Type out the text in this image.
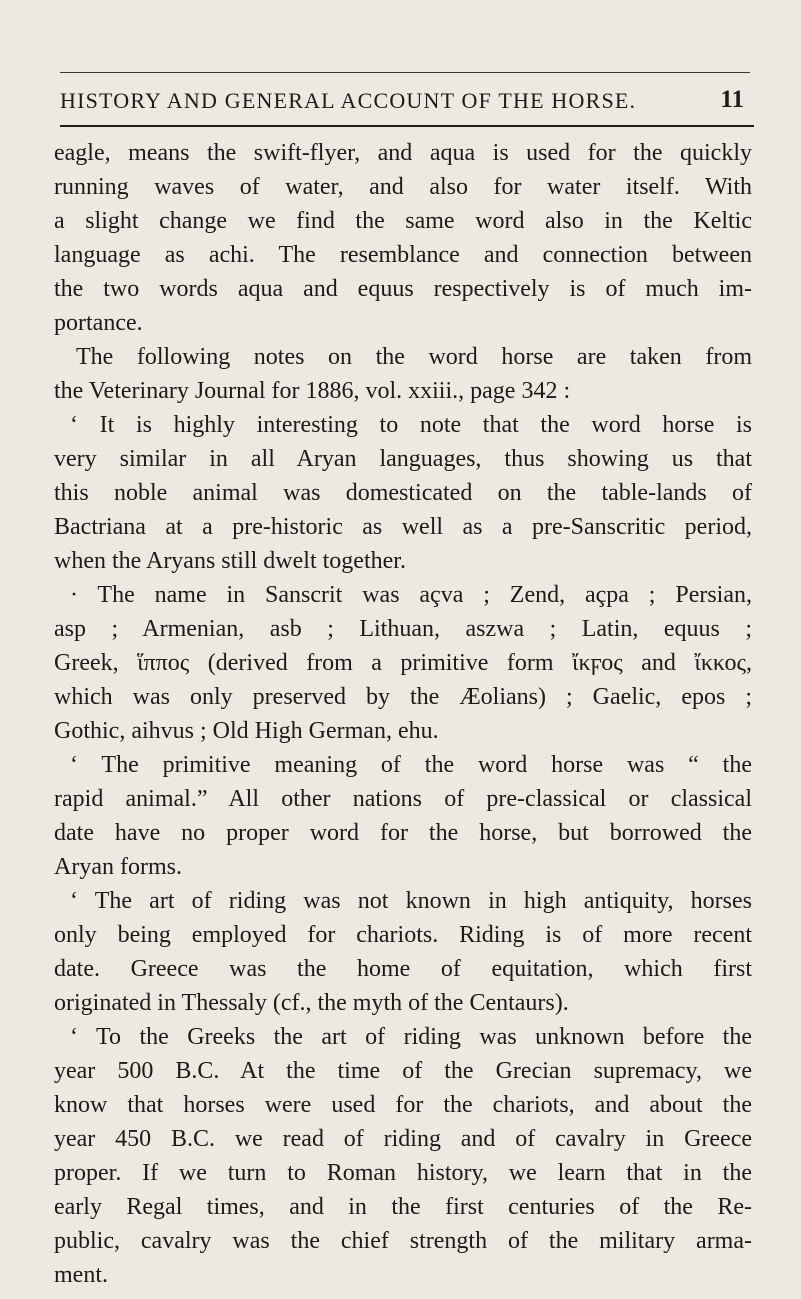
HISTORY AND GENERAL ACCOUNT OF THE HORSE.	11
eagle, means the swift-flyer, and aqua is used for the quickly
running waves of water, and also for water itself. With
a slight change we find the same word also in the Keltic
language as achi. The resemblance and connection between
the two words aqua and equus respectively is of much im-
portance.
The following notes on the word horse are taken from
the Veterinary Journal for 1886, vol. xxiii., page 342 :
‘ It is highly interesting to note that the word horse is
very similar in all Aryan languages, thus showing us that
this noble animal was domesticated on the table-lands of
Bactriana at a pre-historic as well as a pre-Sanscritic period,
when the Aryans still dwelt together.
· The name in Sanscrit was açva ; Zend, açpa ; Persian,
asp ; Armenian, asb ; Lithuan, aszwa ; Latin, equus ;
Greek, ἵππος (derived from a primitive form ἴκϝος and ἴκκος,
which was only preserved by the Æolians) ; Gaelic, epos ;
Gothic, aihvus ; Old High German, ehu.
‘ The primitive meaning of the word horse was “ the
rapid animal.” All other nations of pre-classical or classical
date have no proper word for the horse, but borrowed the
Aryan forms.
‘ The art of riding was not known in high antiquity, horses
only being employed for chariots. Riding is of more recent
date. Greece was the home of equitation, which first
originated in Thessaly (cf., the myth of the Centaurs).
‘ To the Greeks the art of riding was unknown before the
year 500 B.C. At the time of the Grecian supremacy, we
know that horses were used for the chariots, and about the
year 450 B.C. we read of riding and of cavalry in Greece
proper. If we turn to Roman history, we learn that in the
early Regal times, and in the first centuries of the Re-
public, cavalry was the chief strength of the military arma-
ment.
